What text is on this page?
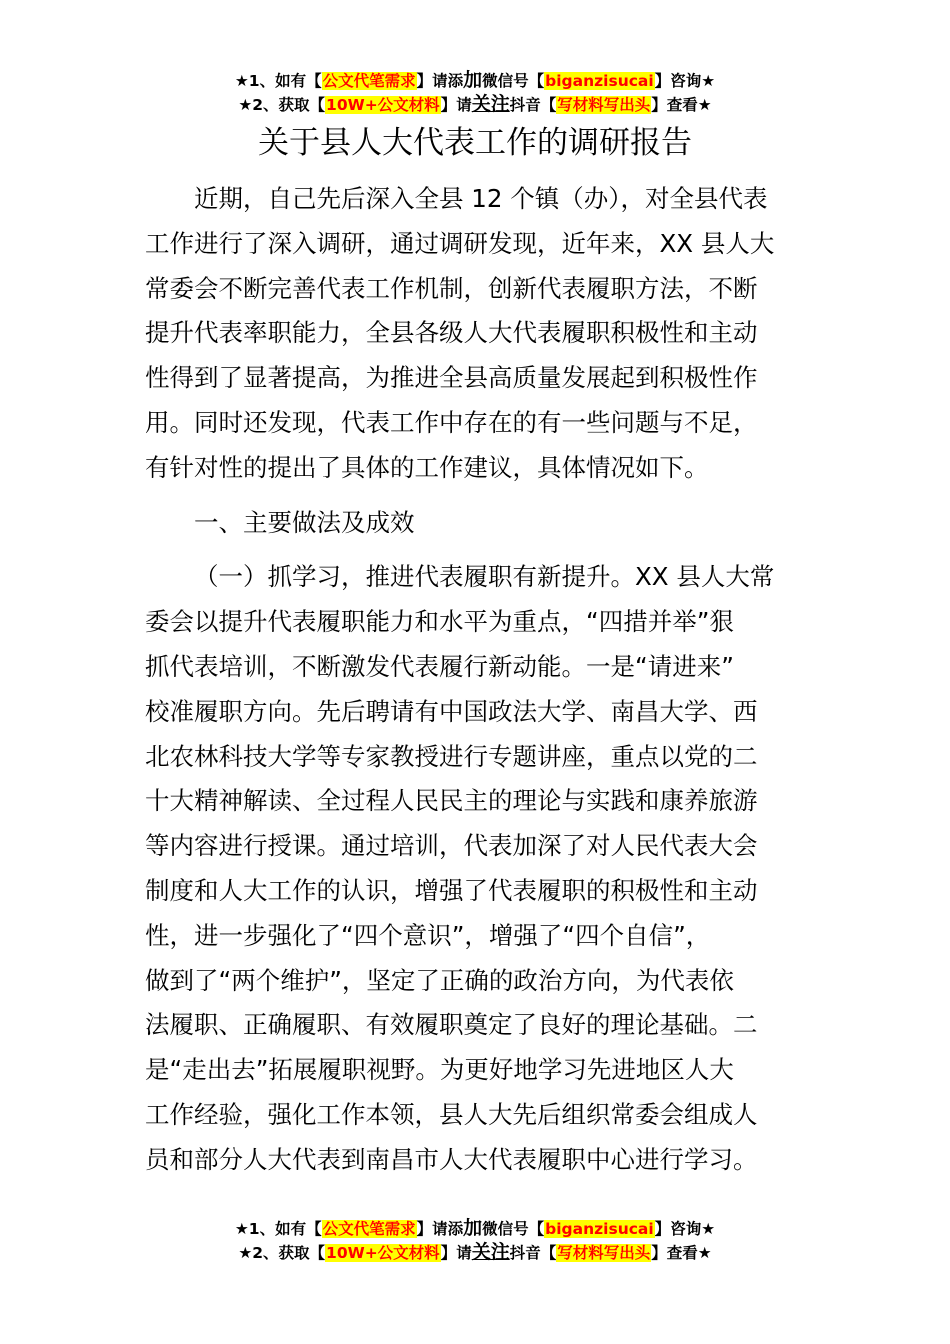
★1、如有【公文代笔需求】请添加微信号【biganzisucai】咨询★
★2、获取【10W+公文材料】请关注抖音【写材料写出头】查看★
关于县人大代表工作的调研报告

近期，自己先后深入全县 12 个镇（办），对全县代表
工作进行了深入调研，通过调研发现，近年来，XX 县人大
常委会不断完善代表工作机制，创新代表履职方法，不断
提升代表率职能力，全县各级人大代表履职积极性和主动
性得到了显著提高，为推进全县高质量发展起到积极性作
用。同时还发现，代表工作中存在的有一些问题与不足，
有针对性的提出了具体的工作建议，具体情况如下。

一、主要做法及成效

（一）抓学习，推进代表履职有新提升。XX 县人大常
委会以提升代表履职能力和水平为重点，“四措并举”狠
抓代表培训，不断激发代表履行新动能。一是“请进来”
校准履职方向。先后聘请有中国政法大学、南昌大学、西
北农林科技大学等专家教授进行专题讲座，重点以党的二
十大精神解读、全过程人民民主的理论与实践和康养旅游
等内容进行授课。通过培训，代表加深了对人民代表大会
制度和人大工作的认识，增强了代表履职的积极性和主动
性，进一步强化了“四个意识”，增强了“四个自信”，
做到了“两个维护”，坚定了正确的政治方向，为代表依
法履职、正确履职、有效履职奠定了良好的理论基础。二
是“走出去”拓展履职视野。为更好地学习先进地区人大
工作经验，强化工作本领，县人大先后组织常委会组成人
员和部分人大代表到南昌市人大代表履职中心进行学习。

★1、如有【公文代笔需求】请添加微信号【biganzisucai】咨询★
★2、获取【10W+公文材料】请关注抖音【写材料写出头】查看★
